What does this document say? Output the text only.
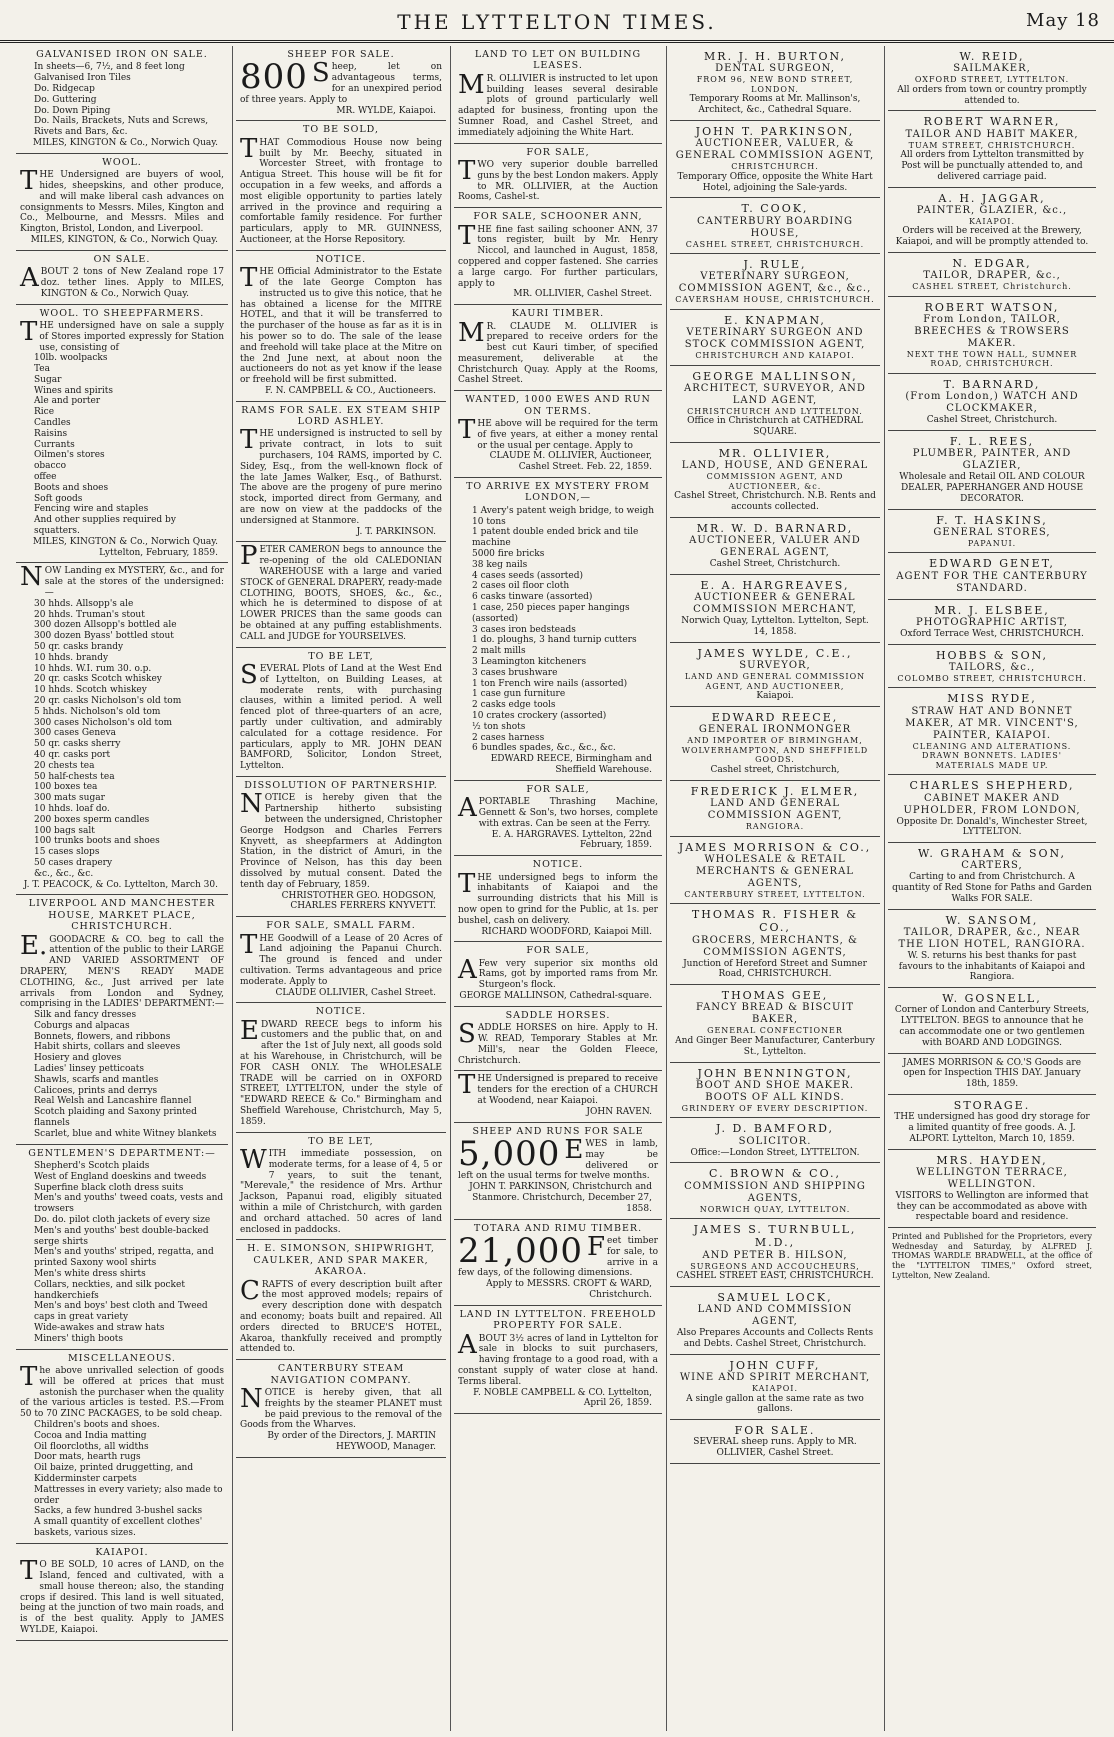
THE LYTTELTON TIMES.	May 18
GALVANISED IRON ON SALE.
In sheets—6, 7½, and 8 feet long
Galvanised Iron Tiles
Do. Ridgecap
Do. Guttering
Do. Down Piping
Do. Nails, Brackets, Nuts and Screws, Rivets and Bars, &c.
MILES, KINGTON & Co., Norwich Quay.
WOOL.
THE Undersigned are buyers of wool, hides, sheepskins, and other produce, and will make liberal cash advances on consignments to Messrs. Miles, Kington and Co., Melbourne, and Messrs. Miles and Kington, Bristol, London, and Liverpool.
MILES, KINGTON, & Co., Norwich Quay.
ON SALE.
ABOUT 2 tons of New Zealand rope 17 doz. tether lines. Apply to MILES, KINGTON & Co., Norwich Quay.
WOOL. TO SHEEPFARMERS.
THE undersigned have on sale a supply of Stores imported expressly for Station use, consisting of
10lb. woolpacks
Tea
Sugar
Wines and spirits
Ale and porter
Rice
Candles
Raisins
Currants
Oilmen's stores
obacco
offee
Boots and shoes
Soft goods
Fencing wire and staples
And other supplies required by squatters.
MILES, KINGTON & Co., Norwich Quay. Lyttelton, February, 1859.
NOW Landing ex MYSTERY, &c., and for sale at the stores of the undersigned:—
30 hhds. Allsopp's ale
20 hhds. Truman's stout
300 dozen Allsopp's bottled ale
300 dozen Byass' bottled stout
50 qr. casks brandy
10 hhds. brandy
10 hhds. W.I. rum 30. o.p.
20 qr. casks Scotch whiskey
10 hhds. Scotch whiskey
20 qr. casks Nicholson's old tom
5 hhds. Nicholson's old tom
300 cases Nicholson's old tom
300 cases Geneva
50 qr. casks sherry
40 qr. casks port
20 chests tea
50 half-chests tea
100 boxes tea
300 mats sugar
10 hhds. loaf do.
200 boxes sperm candles
100 bags salt
100 trunks boots and shoes
15 cases slops
50 cases drapery
&c., &c., &c.
J. T. PEACOCK, & Co. Lyttelton, March 30.
LIVERPOOL AND MANCHESTER HOUSE, MARKET PLACE, CHRISTCHURCH.
E.GOODACRE & CO. beg to call the attention of the public to their LARGE AND VARIED ASSORTMENT OF DRAPERY, MEN'S READY MADE CLOTHING, &c., Just arrived per late arrivals from London and Sydney, comprising in the LADIES' DEPARTMENT:—
Silk and fancy dresses
Coburgs and alpacas
Bonnets, flowers, and ribbons
Habit shirts, collars and sleeves
Hosiery and gloves
Ladies' linsey petticoats
Shawls, scarfs and mantles
Calicoes, prints and derrys
Real Welsh and Lancashire flannel
Scotch plaiding and Saxony printed flannels
Scarlet, blue and white Witney blankets
GENTLEMEN'S DEPARTMENT:—
Shepherd's Scotch plaids
West of England doeskins and tweeds
Superfine black cloth dress suits
Men's and youths' tweed coats, vests and trowsers
Do. do. pilot cloth jackets of every size
Men's and youths' best double-backed serge shirts
Men's and youths' striped, regatta, and printed Saxony wool shirts
Men's white dress shirts
Collars, neckties, and silk pocket handkerchiefs
Men's and boys' best cloth and Tweed caps in great variety
Wide-awakes and straw hats
Miners' thigh boots
MISCELLANEOUS.
The above unrivalled selection of goods will be offered at prices that must astonish the purchaser when the quality of the various articles is tested. P.S.—From 50 to 70 ZINC PACKAGES, to be sold cheap.
Children's boots and shoes.
Cocoa and India matting
Oil floorcloths, all widths
Door mats, hearth rugs
Oil baize, printed druggetting, and Kidderminster carpets
Mattresses in every variety; also made to order
Sacks, a few hundred 3-bushel sacks
A small quantity of excellent clothes' baskets, various sizes.
KAIAPOI.
TO BE SOLD, 10 acres of LAND, on the Island, fenced and cultivated, with a small house thereon; also, the standing crops if desired. This land is well situated, being at the junction of two main roads, and is of the best quality. Apply to JAMES WYLDE, Kaiapoi.
SHEEP FOR SALE.
800 Sheep, let on advantageous terms, for an unexpired period of three years. Apply to
MR. WYLDE, Kaiapoi.
TO BE SOLD,
THAT Commodious House now being built by Mr. Beechy, situated in Worcester Street, with frontage to Antigua Street. This house will be fit for occupation in a few weeks, and affords a most eligible opportunity to parties lately arrived in the province and requiring a comfortable family residence. For further particulars, apply to MR. GUINNESS, Auctioneer, at the Horse Repository.
NOTICE.
THE Official Administrator to the Estate of the late George Compton has instructed us to give this notice, that he has obtained a license for the MITRE HOTEL, and that it will be transferred to the purchaser of the house as far as it is in his power so to do. The sale of the lease and freehold will take place at the Mitre on the 2nd June next, at about noon the auctioneers do not as yet know if the lease or freehold will be first submitted.
F. N. CAMPBELL & CO., Auctioneers.
RAMS FOR SALE. EX STEAM SHIP LORD ASHLEY.
THE undersigned is instructed to sell by private contract, in lots to suit purchasers, 104 RAMS, imported by C. Sidey, Esq., from the well-known flock of the late James Walker, Esq., of Bathurst. The above are the progeny of pure merino stock, imported direct from Germany, and are now on view at the paddocks of the undersigned at Stanmore.
J. T. PARKINSON.
PETER CAMERON begs to announce the re-opening of the old CALEDONIAN WAREHOUSE with a large and varied STOCK of GENERAL DRAPERY, ready-made CLOTHING, BOOTS, SHOES, &c., &c., which he is determined to dispose of at LOWER PRICES than the same goods can be obtained at any puffing establishments. CALL and JUDGE for YOURSELVES.
TO BE LET,
SEVERAL Plots of Land at the West End of Lyttelton, on Building Leases, at moderate rents, with purchasing clauses, within a limited period. A well fenced plot of three-quarters of an acre, partly under cultivation, and admirably calculated for a cottage residence. For particulars, apply to MR. JOHN DEAN BAMFORD, Solicitor, London Street, Lyttelton.
DISSOLUTION OF PARTNERSHIP.
NOTICE is hereby given that the Partnership hitherto subsisting between the undersigned, Christopher George Hodgson and Charles Ferrers Knyvett, as sheepfarmers at Addington Station, in the district of Amuri, in the Province of Nelson, has this day been dissolved by mutual consent. Dated the tenth day of February, 1859.
CHRISTOTHER GEO. HODGSON, CHARLES FERRERS KNYVETT.
FOR SALE, SMALL FARM.
THE Goodwill of a Lease of 20 Acres of Land adjoining the Papanui Church. The ground is fenced and under cultivation. Terms advantageous and price moderate. Apply to
CLAUDE OLLIVIER, Cashel Street.
NOTICE.
EDWARD REECE begs to inform his customers and the public that, on and after the 1st of July next, all goods sold at his Warehouse, in Christchurch, will be FOR CASH ONLY. The WHOLESALE TRADE will be carried on in OXFORD STREET, LYTTELTON, under the style of "EDWARD REECE & Co." Birmingham and Sheffield Warehouse, Christchurch, May 5, 1859.
TO BE LET,
WITH immediate possession, on moderate terms, for a lease of 4, 5 or 7 years, to suit the tenant, "Merevale," the residence of Mrs. Arthur Jackson, Papanui road, eligibly situated within a mile of Christchurch, with garden and orchard attached. 50 acres of land enclosed in paddocks.
H. E. SIMONSON, SHIPWRIGHT, CAULKER, AND SPAR MAKER, AKAROA.
CRAFTS of every description built after the most approved models; repairs of every description done with despatch and economy; boats built and repaired. All orders directed to BRUCE'S HOTEL, Akaroa, thankfully received and promptly attended to.
CANTERBURY STEAM NAVIGATION COMPANY.
NOTICE is hereby given, that all freights by the steamer PLANET must be paid previous to the removal of the Goods from the Wharves.
By order of the Directors, J. MARTIN HEYWOOD, Manager.
LAND TO LET ON BUILDING LEASES.
MR. OLLIVIER is instructed to let upon building leases several desirable plots of ground particularly well adapted for business, fronting upon the Sumner Road, and Cashel Street, and immediately adjoining the White Hart.
FOR SALE,
TWO very superior double barrelled guns by the best London makers. Apply to MR. OLLIVIER, at the Auction Rooms, Cashel-st.
FOR SALE, SCHOONER ANN,
THE fine fast sailing schooner ANN, 37 tons register, built by Mr. Henry Niccol, and launched in August, 1858, coppered and copper fastened. She carries a large cargo. For further particulars, apply to
MR. OLLIVIER, Cashel Street.
KAURI TIMBER.
MR. CLAUDE M. OLLIVIER is prepared to receive orders for the best cut Kauri timber, of specified measurement, deliverable at the Christchurch Quay. Apply at the Rooms, Cashel Street.
WANTED, 1000 EWES AND RUN ON TERMS.
THE above will be required for the term of five years, at either a money rental or the usual per centage. Apply to
CLAUDE M. OLLIVIER, Auctioneer, Cashel Street. Feb. 22, 1859.
TO ARRIVE EX MYSTERY FROM LONDON,—
1 Avery's patent weigh bridge, to weigh 10 tons
1 patent double ended brick and tile machine
5000 fire bricks
38 keg nails
4 cases seeds (assorted)
2 cases oil floor cloth
6 casks tinware (assorted)
1 case, 250 pieces paper hangings (assorted)
3 cases iron bedsteads
1 do. ploughs, 3 hand turnip cutters
2 malt mills
3 Leamington kitcheners
3 cases brushware
1 ton French wire nails (assorted)
1 case gun furniture
2 casks edge tools
10 crates crockery (assorted)
½ ton shots
2 cases harness
6 bundles spades, &c., &c., &c.
EDWARD REECE, Birmingham and Sheffield Warehouse.
FOR SALE,
APORTABLE Thrashing Machine, Gennett & Son's, two horses, complete with extras. Can be seen at the Ferry.
E. A. HARGRAVES. Lyttelton, 22nd February, 1859.
NOTICE.
THE undersigned begs to inform the inhabitants of Kaiapoi and the surrounding districts that his Mill is now open to grind for the Public, at 1s. per bushel, cash on delivery.
RICHARD WOODFORD, Kaiapoi Mill.
FOR SALE,
AFew very superior six months old Rams, got by imported rams from Mr. Sturgeon's flock.
GEORGE MALLINSON, Cathedral-square.
SADDLE HORSES.
SADDLE HORSES on hire. Apply to H. W. READ, Temporary Stables at Mr. Mill's, near the Golden Fleece, Christchurch.
THE Undersigned is prepared to receive tenders for the erection of a CHURCH at Woodend, near Kaiapoi.
JOHN RAVEN.
SHEEP AND RUNS FOR SALE
5,000 EWES in lamb, may be delivered or left on the usual terms for twelve months.
JOHN T. PARKINSON, Christchurch and Stanmore. Christchurch, December 27, 1858.
TOTARA AND RIMU TIMBER.
21,000 Feet timber for sale, to arrive in a few days, of the following dimensions.
Apply to MESSRS. CROFT & WARD, Christchurch.
LAND IN LYTTELTON. FREEHOLD PROPERTY FOR SALE.
ABOUT 3½ acres of land in Lyttelton for sale in blocks to suit purchasers, having frontage to a good road, with a constant supply of water close at hand. Terms liberal.
F. NOBLE CAMPBELL & CO. Lyttelton, April 26, 1859.
MR. J. H. BURTON,
DENTAL SURGEON,
FROM 96, NEW BOND STREET, LONDON.
Temporary Rooms at Mr. Mallinson's, Architect, &c., Cathedral Square.
JOHN T. PARKINSON,
AUCTIONEER, VALUER, & GENERAL COMMISSION AGENT,
CHRISTCHURCH.
Temporary Office, opposite the White Hart Hotel, adjoining the Sale-yards.
T. COOK,
CANTERBURY BOARDING HOUSE,
CASHEL STREET, CHRISTCHURCH.
J. RULE,
VETERINARY SURGEON, COMMISSION AGENT, &c., &c.,
CAVERSHAM HOUSE, CHRISTCHURCH.
E. KNAPMAN,
VETERINARY SURGEON AND STOCK COMMISSION AGENT,
CHRISTCHURCH AND KAIAPOI.
GEORGE MALLINSON,
ARCHITECT, SURVEYOR, AND LAND AGENT,
CHRISTCHURCH AND LYTTELTON.
Office in Christchurch at CATHEDRAL SQUARE.
MR. OLLIVIER,
LAND, HOUSE, AND GENERAL
COMMISSION AGENT, AND AUCTIONEER, &c.
Cashel Street, Christchurch. N.B. Rents and accounts collected.
MR. W. D. BARNARD,
AUCTIONEER, VALUER AND GENERAL AGENT,
Cashel Street, Christchurch.
E. A. HARGREAVES,
AUCTIONEER & GENERAL COMMISSION MERCHANT,
Norwich Quay, Lyttelton. Lyttelton, Sept. 14, 1858.
JAMES WYLDE, C.E.,
SURVEYOR,
LAND AND GENERAL COMMISSION AGENT, AND AUCTIONEER,
Kaiapoi.
EDWARD REECE,
GENERAL IRONMONGER
AND IMPORTER OF BIRMINGHAM, WOLVERHAMPTON, AND SHEFFIELD GOODS.
Cashel street, Christchurch,
FREDERICK J. ELMER,
LAND AND GENERAL COMMISSION AGENT,
RANGIORA.
JAMES MORRISON & CO.,
WHOLESALE & RETAIL MERCHANTS & GENERAL AGENTS,
CANTERBURY STREET, LYTTELTON.
THOMAS R. FISHER & CO.,
GROCERS, MERCHANTS, & COMMISSION AGENTS,
Junction of Hereford Street and Sumner Road, CHRISTCHURCH.
THOMAS GEE,
FANCY BREAD & BISCUIT BAKER,
GENERAL CONFECTIONER
And Ginger Beer Manufacturer, Canterbury St., Lyttelton.
JOHN BENNINGTON,
BOOT AND SHOE MAKER. BOOTS OF ALL KINDS.
GRINDERY OF EVERY DESCRIPTION.
J. D. BAMFORD,
SOLICITOR.
Office:—London Street, LYTTELTON.
C. BROWN & CO.,
COMMISSION AND SHIPPING AGENTS,
NORWICH QUAY, LYTTELTON.
JAMES S. TURNBULL, M.D.,
AND PETER B. HILSON,
SURGEONS AND ACCOUCHEURS,
CASHEL STREET EAST, CHRISTCHURCH.
SAMUEL LOCK,
LAND AND COMMISSION AGENT,
Also Prepares Accounts and Collects Rents and Debts. Cashel Street, Christchurch.
JOHN CUFF,
WINE AND SPIRIT MERCHANT,
KAIAPOI.
A single gallon at the same rate as two gallons.
FOR SALE.
SEVERAL sheep runs. Apply to MR. OLLIVIER, Cashel Street.
W. REID,
SAILMAKER,
OXFORD STREET, LYTTELTON.
All orders from town or country promptly attended to.
ROBERT WARNER,
TAILOR AND HABIT MAKER,
TUAM STREET, CHRISTCHURCH.
All orders from Lyttelton transmitted by Post will be punctually attended to, and delivered carriage paid.
A. H. JAGGAR,
PAINTER, GLAZIER, &c.,
KAIAPOI.
Orders will be received at the Brewery, Kaiapoi, and will be promptly attended to.
N. EDGAR,
TAILOR, DRAPER, &c.,
CASHEL STREET, Christchurch.
ROBERT WATSON,
From London, TAILOR, BREECHES & TROWSERS MAKER.
NEXT THE TOWN HALL, SUMNER ROAD, CHRISTCHURCH.
T. BARNARD,
(From London,) WATCH AND CLOCKMAKER,
Cashel Street, Christchurch.
F. L. REES,
PLUMBER, PAINTER, AND GLAZIER,
Wholesale and Retail OIL AND COLOUR DEALER, PAPERHANGER AND HOUSE DECORATOR.
F. T. HASKINS,
GENERAL STORES,
PAPANUI.
EDWARD GENET,
AGENT FOR THE CANTERBURY STANDARD.
MR. J. ELSBEE,
PHOTOGRAPHIC ARTIST,
Oxford Terrace West, CHRISTCHURCH.
HOBBS & SON,
TAILORS, &c.,
COLOMBO STREET, CHRISTCHURCH.
MISS RYDE,
STRAW HAT AND BONNET MAKER, AT MR. VINCENT'S, PAINTER, KAIAPOI.
CLEANING AND ALTERATIONS. DRAWN BONNETS. LADIES' MATERIALS MADE UP.
CHARLES SHEPHERD,
CABINET MAKER AND UPHOLDER, FROM LONDON,
Opposite Dr. Donald's, Winchester Street, LYTTELTON.
W. GRAHAM & SON,
CARTERS,
Carting to and from Christchurch. A quantity of Red Stone for Paths and Garden Walks FOR SALE.
W. SANSOM,
TAILOR, DRAPER, &c., NEAR THE LION HOTEL, RANGIORA.
W. S. returns his best thanks for past favours to the inhabitants of Kaiapoi and Rangiora.
W. GOSNELL,
Corner of London and Canterbury Streets, LYTTELTON. BEGS to announce that he can accommodate one or two gentlemen with BOARD AND LODGINGS.
JAMES MORRISON & CO.'S Goods are open for Inspection THIS DAY. January 18th, 1859.
STORAGE.
THE undersigned has good dry storage for a limited quantity of free goods. A. J. ALPORT. Lyttelton, March 10, 1859.
MRS. HAYDEN,
WELLINGTON TERRACE, WELLINGTON.
VISITORS to Wellington are informed that they can be accommodated as above with respectable board and residence.
Printed and Published for the Proprietors, every Wednesday and Saturday, by ALFRED J. THOMAS WARDLE BRADWELL, at the office of the "LYTTELTON TIMES," Oxford street, Lyttelton, New Zealand.
